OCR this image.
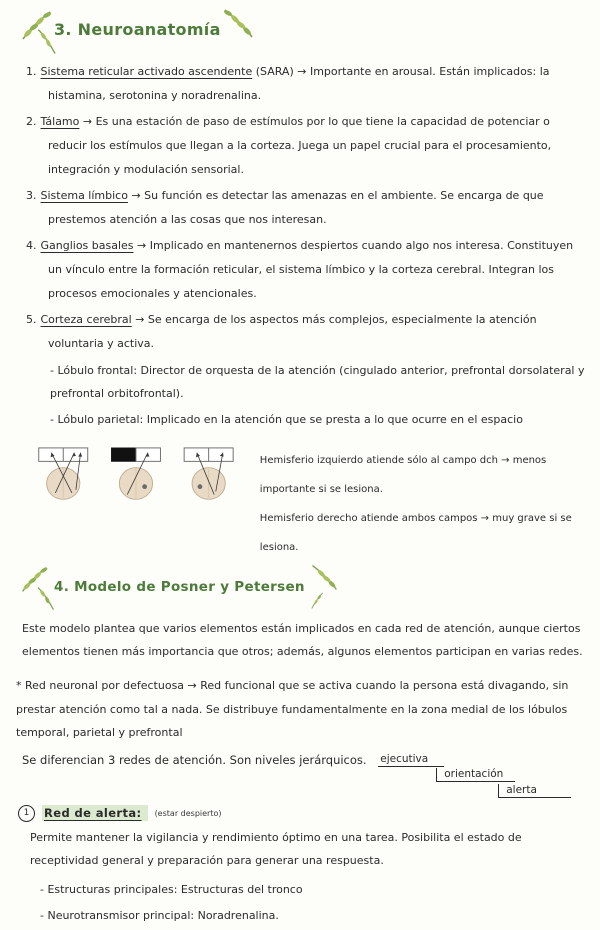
3. Neuroanatomía
1. Sistema reticular activado ascendente (SARA) → Importante en arousal. Están implicados: la histamina, serotonina y noradrenalina.
2. Tálamo → Es una estación de paso de estímulos por lo que tiene la capacidad de potenciar o reducir los estímulos que llegan a la corteza. Juega un papel crucial para el procesamiento, integración y modulación sensorial.
3. Sistema límbico → Su función es detectar las amenazas en el ambiente. Se encarga de que prestemos atención a las cosas que nos interesan.
4. Ganglios basales → Implicado en mantenernos despiertos cuando algo nos interesa. Constituyen un vínculo entre la formación reticular, el sistema límbico y la corteza cerebral. Integran los procesos emocionales y atencionales.
5. Corteza cerebral → Se encarga de los aspectos más complejos, especialmente la atención voluntaria y activa.
- Lóbulo frontal: Director de orquesta de la atención (cingulado anterior, prefrontal dorsolateral y prefrontal orbitofrontal).
- Lóbulo parietal: Implicado en la atención que se presta a lo que ocurre en el espacio
Hemisferio izquierdo atiende sólo al campo dch → menos importante si se lesiona.
Hemisferio derecho atiende ambos campos → muy grave si se lesiona.
4. Modelo de Posner y Petersen
Este modelo plantea que varios elementos están implicados en cada red de atención, aunque ciertos elementos tienen más importancia que otros; además, algunos elementos participan en varias redes.
* Red neuronal por defectuosa → Red funcional que se activa cuando la persona está divagando, sin prestar atención como tal a nada. Se distribuye fundamentalmente en la zona medial de los lóbulos temporal, parietal y prefrontal
Se diferencian 3 redes de atención. Son niveles jerárquicos. ejecutiva
orientación
alerta
1	Red de alerta:	(estar despierto)
Permite mantener la vigilancia y rendimiento óptimo en una tarea. Posibilita el estado de receptividad general y preparación para generar una respuesta.
- Estructuras principales: Estructuras del tronco
- Neurotransmisor principal: Noradrenalina.
